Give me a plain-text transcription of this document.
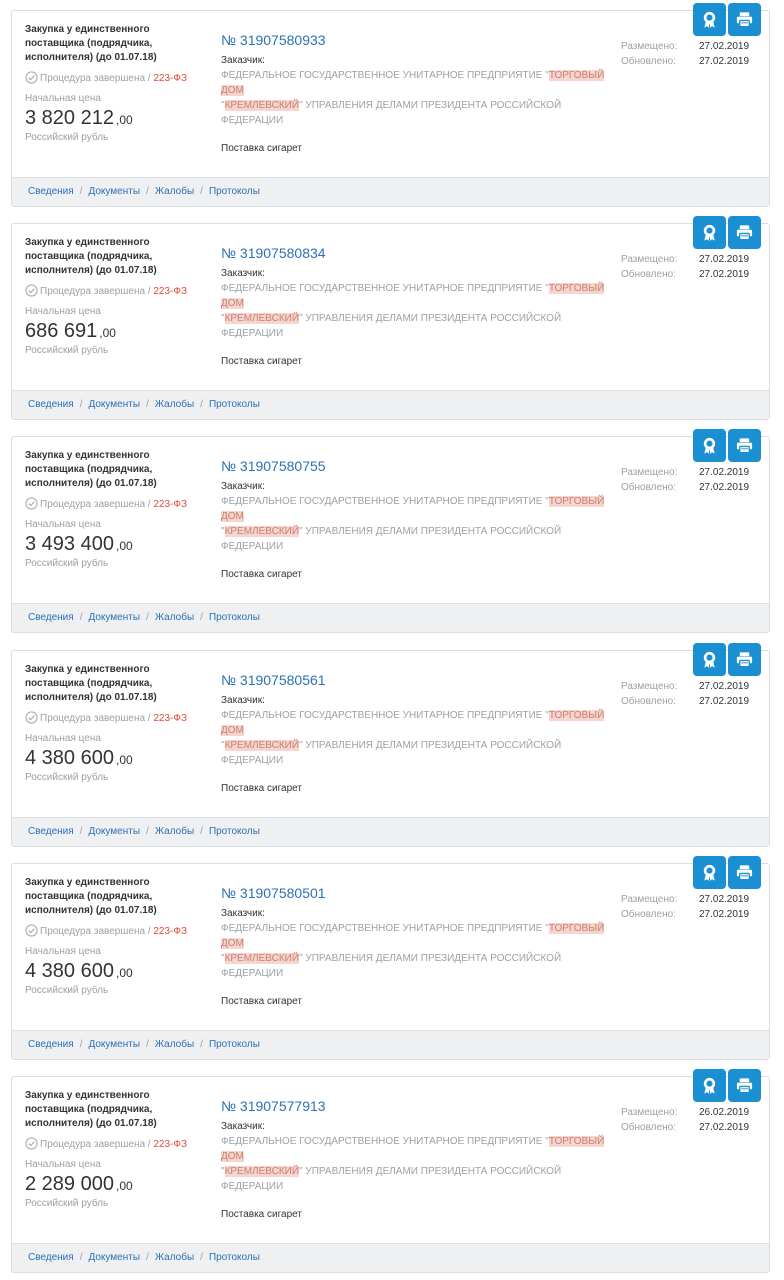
Закупка у единственного поставщика (подрядчика, исполнителя) (до 01.07.18)
Процедура завершена / 223-ФЗ
Начальная цена
3 820 212 ,00
Российский рубль
№ 31907580933
Заказчик:
ФЕДЕРАЛЬНОЕ ГОСУДАРСТВЕННОЕ УНИТАРНОЕ ПРЕДПРИЯТИЕ "ТОРГОВЫЙ ДОМ
"КРЕМЛЕВСКИЙ" УПРАВЛЕНИЯ ДЕЛАМИ ПРЕЗИДЕНТА РОССИЙСКОЙ ФЕДЕРАЦИИ
Поставка сигарет
Размещено:	27.02.2019
Обновлено:	27.02.2019
Сведения / Документы / Жалобы / Протоколы
Закупка у единственного поставщика (подрядчика, исполнителя) (до 01.07.18)
Процедура завершена / 223-ФЗ
Начальная цена
686 691 ,00
Российский рубль
№ 31907580834
Заказчик:
ФЕДЕРАЛЬНОЕ ГОСУДАРСТВЕННОЕ УНИТАРНОЕ ПРЕДПРИЯТИЕ "ТОРГОВЫЙ ДОМ
"КРЕМЛЕВСКИЙ" УПРАВЛЕНИЯ ДЕЛАМИ ПРЕЗИДЕНТА РОССИЙСКОЙ ФЕДЕРАЦИИ
Поставка сигарет
Размещено:	27.02.2019
Обновлено:	27.02.2019
Сведения / Документы / Жалобы / Протоколы
Закупка у единственного поставщика (подрядчика, исполнителя) (до 01.07.18)
Процедура завершена / 223-ФЗ
Начальная цена
3 493 400 ,00
Российский рубль
№ 31907580755
Заказчик:
ФЕДЕРАЛЬНОЕ ГОСУДАРСТВЕННОЕ УНИТАРНОЕ ПРЕДПРИЯТИЕ "ТОРГОВЫЙ ДОМ
"КРЕМЛЕВСКИЙ" УПРАВЛЕНИЯ ДЕЛАМИ ПРЕЗИДЕНТА РОССИЙСКОЙ ФЕДЕРАЦИИ
Поставка сигарет
Размещено:	27.02.2019
Обновлено:	27.02.2019
Сведения / Документы / Жалобы / Протоколы
Закупка у единственного поставщика (подрядчика, исполнителя) (до 01.07.18)
Процедура завершена / 223-ФЗ
Начальная цена
4 380 600 ,00
Российский рубль
№ 31907580561
Заказчик:
ФЕДЕРАЛЬНОЕ ГОСУДАРСТВЕННОЕ УНИТАРНОЕ ПРЕДПРИЯТИЕ "ТОРГОВЫЙ ДОМ
"КРЕМЛЕВСКИЙ" УПРАВЛЕНИЯ ДЕЛАМИ ПРЕЗИДЕНТА РОССИЙСКОЙ ФЕДЕРАЦИИ
Поставка сигарет
Размещено:	27.02.2019
Обновлено:	27.02.2019
Сведения / Документы / Жалобы / Протоколы
Закупка у единственного поставщика (подрядчика, исполнителя) (до 01.07.18)
Процедура завершена / 223-ФЗ
Начальная цена
4 380 600 ,00
Российский рубль
№ 31907580501
Заказчик:
ФЕДЕРАЛЬНОЕ ГОСУДАРСТВЕННОЕ УНИТАРНОЕ ПРЕДПРИЯТИЕ "ТОРГОВЫЙ ДОМ
"КРЕМЛЕВСКИЙ" УПРАВЛЕНИЯ ДЕЛАМИ ПРЕЗИДЕНТА РОССИЙСКОЙ ФЕДЕРАЦИИ
Поставка сигарет
Размещено:	27.02.2019
Обновлено:	27.02.2019
Сведения / Документы / Жалобы / Протоколы
Закупка у единственного поставщика (подрядчика, исполнителя) (до 01.07.18)
Процедура завершена / 223-ФЗ
Начальная цена
2 289 000 ,00
Российский рубль
№ 31907577913
Заказчик:
ФЕДЕРАЛЬНОЕ ГОСУДАРСТВЕННОЕ УНИТАРНОЕ ПРЕДПРИЯТИЕ "ТОРГОВЫЙ ДОМ
"КРЕМЛЕВСКИЙ" УПРАВЛЕНИЯ ДЕЛАМИ ПРЕЗИДЕНТА РОССИЙСКОЙ ФЕДЕРАЦИИ
Поставка сигарет
Размещено:	26.02.2019
Обновлено:	27.02.2019
Сведения / Документы / Жалобы / Протоколы
